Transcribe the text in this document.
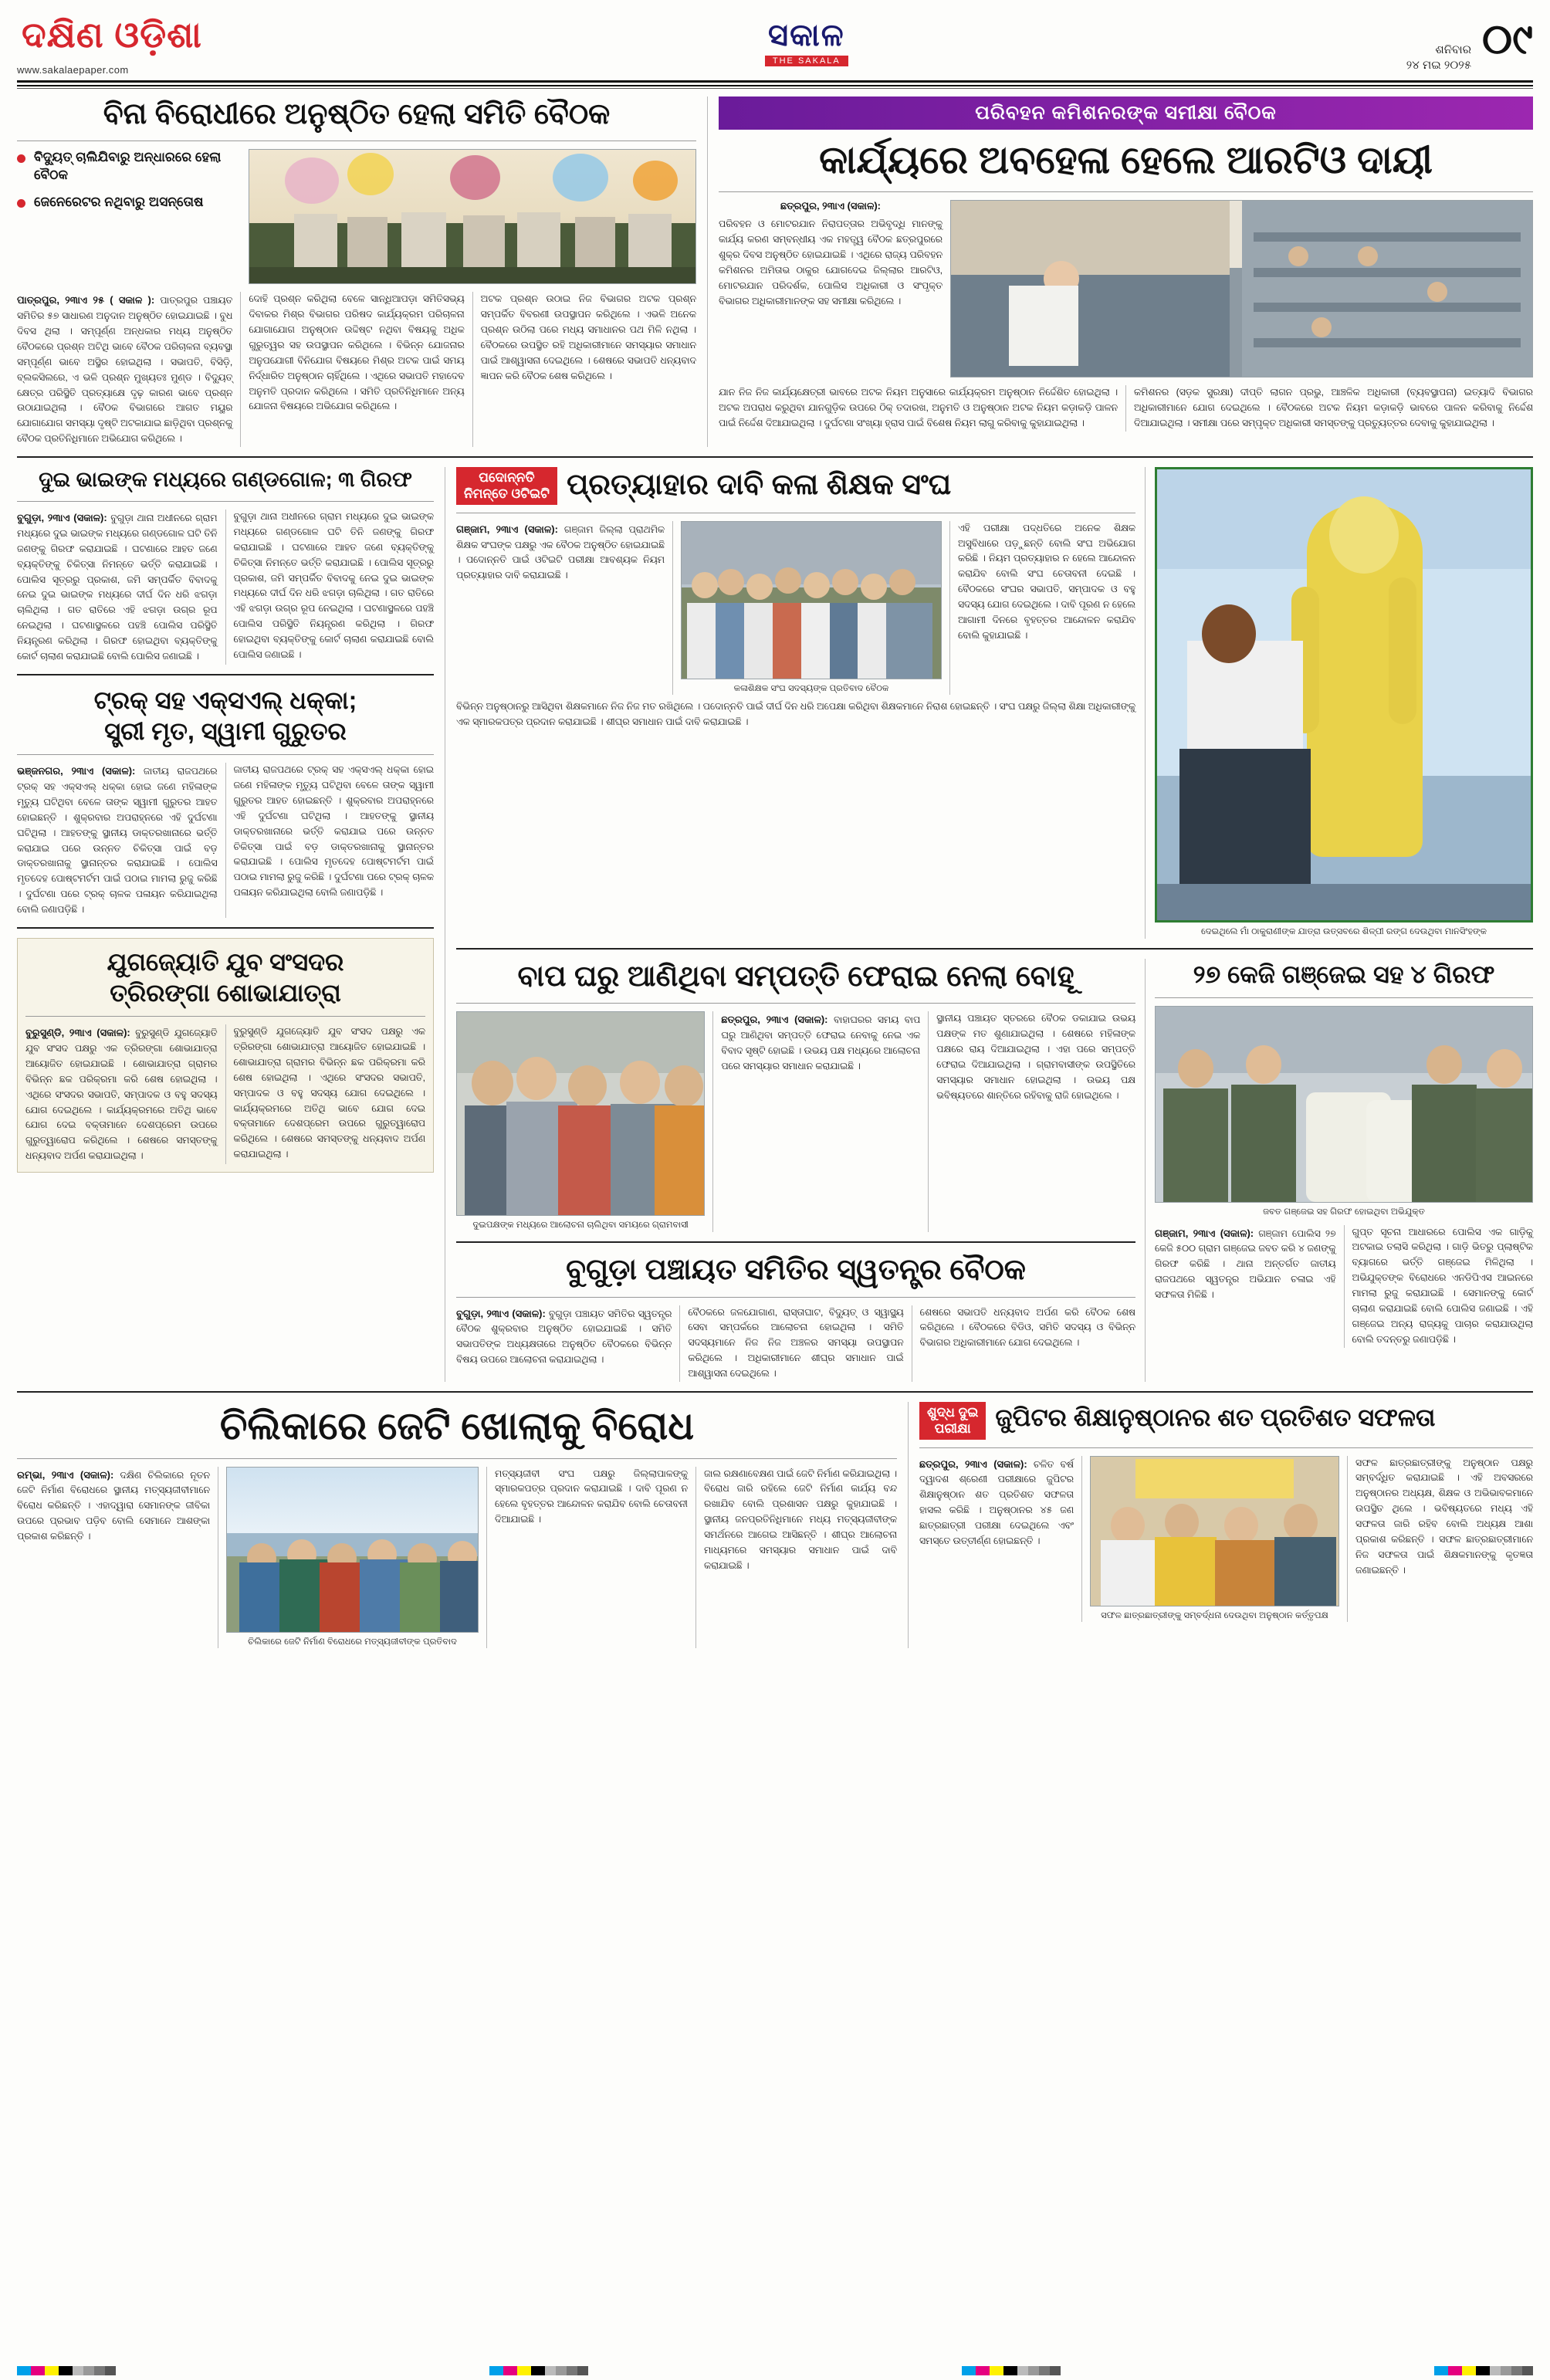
ଦକ୍ଷିଣ ଓଡ଼ିଶା
www.sakalaepaper.com
ସକାଳ
THE SAKALA
ଶନିବାର
୨୪ ମଇ ୨୦୨୫
୦୯
ବିନା ବିରୋଧୀରେ ଅନୁଷ୍ଠିତ ହେଲା ସମିତି ବୈଠକ
ବିଦ୍ୟୁତ୍ ଚାଲିଯିବାରୁ ଅନ୍ଧାରରେ ହେଲା ବୈଠକ
ଜେନେରେଟର ନଥିବାରୁ ଅସନ୍ତୋଷ
ପାତ୍ରପୁର, ୨୩ାଏ ୨୫ ( ସକାଳ ): ପାତ୍ରପୁର ପଞ୍ଚାୟତ ସମିତିର ୫୭ ସାଧାରଣ ଅନୁଦାନ ଅନୁଷ୍ଠିତ ହୋଇଯାଇଛି । ବୁଧ ଦିବସ ଥିଲା । ସମ୍ପୂର୍ଣ୍ଣ ଅନ୍ଧକାର ମଧ୍ୟ ଅନୁଷ୍ଠିତ ବୈଠକରେ ପ୍ରଶ୍ନ ଅଟିଥି ଭାବେ ବୈଠକ ପରିଚାଳନା ବ୍ୟବସ୍ଥା ସମ୍ପୂର୍ଣ୍ଣ ଭାବେ ଅସ୍ଥିର ହୋଇଥିଲା । ସଭାପତି, ବିସିଡ଼ି, ବ୍ଲକସିଲରେ, ଏ ଭଳି ପ୍ରଶ୍ନ ମୁଖ୍ୟତଃ ମୁଣ୍ଡ । ବିଦ୍ୟୁତ୍ କ୍ଷେତ୍ର ପରିସ୍ଥିତି ପ୍ରତ୍ୟାକ୍ଷେ ଦୃଢ଼ କାରଣ ଭାବେ ପ୍ରଶ୍ନ ଉଠାଯାଇଥିଲା । ବୈଠକ ବିଭାଗରେ ଆଗତ ମୟୁର ଯୋଗାଯୋଗ ସମସ୍ୟା ଦୃଷ୍ଟି ଅଟକାଯାଇ ଛାଡ଼ିଥିବା ପ୍ରଶ୍ନକୁ ବୈଠକ ପ୍ରତିନିଧିମାନେ ଅଭିଯୋଗ କରିଥିଲେ ।
ଦୋହି ପ୍ରଶ୍ନ କରିଥିଲା ବେଳେ ସାନ୍ଧିଆପଡ଼ା ସମିତିସଭ୍ୟ ଦିବାକର ମିଶ୍ର ବିଭାଗର ପରିଷଦ କାର୍ଯ୍ୟକ୍ରମ ପରିଚାଳନା ଯୋଗାଯୋଗ ଅନୁଷ୍ଠାନ ଉଦ୍ଦିଷ୍ଟ ନଥିବା ବିଷୟକୁ ଅଧିକ ଗୁରୁତ୍ୱର ସହ ଉପସ୍ଥାପନ କରିଥିଲେ । ବିଭିନ୍ନ ଯୋଜନାର ଅନୁପଯୋଗୀ ବିନିଯୋଗ ବିଷୟରେ ମିଶ୍ର ଅଟକ ପାଇଁ ସମୟ ନିର୍ଦ୍ଧାରିତ ଅନୁଷ୍ଠାନ ଚାହିଁଥିଲେ । ଏଥିରେ ସଭାପତି ମହାଦେବ ଅନୁମତି ପ୍ରଦାନ କରିଥିଲେ । ସମିତି ପ୍ରତିନିଧିମାନେ ଅନ୍ୟ ଯୋଜନା ବିଷୟରେ ଅଭିଯୋଗ କରିଥିଲେ ।
ଅଟକ ପ୍ରଶ୍ନ ଉଠାଇ ନିଜ ବିଭାଗର ଅଟକ ପ୍ରଶ୍ନ ସମ୍ପର୍କିତ ବିବରଣୀ ଉପସ୍ଥାପନ କରିଥିଲେ । ଏଭଳି ଅନେକ ପ୍ରଶ୍ନ ଉଠିଲା ପରେ ମଧ୍ୟ ସମାଧାନର ପଥ ମିଳି ନଥିଲା । ବୈଠକରେ ଉପସ୍ଥିତ ରହି ଅଧିକାରୀମାନେ ସମସ୍ୟାର ସମାଧାନ ପାଇଁ ଆଶ୍ୱାସନା ଦେଇଥିଲେ । ଶେଷରେ ସଭାପତି ଧନ୍ୟବାଦ ଜ୍ଞାପନ କରି ବୈଠକ ଶେଷ କରିଥିଲେ ।
ପରିବହନ କମିଶନରଙ୍କ ସମୀକ୍ଷା ବୈଠକ
କାର୍ଯ୍ୟରେ ଅବହେଳା ହେଲେ ଆରଟିଓ ଦାୟୀ
ଛତ୍ରପୁର, ୨୩ାଏ (ସକାଳ):
ପରିବହନ ଓ ମୋଟରଯାନ ନିରାପତ୍ତାର ଅଭିବୃଦ୍ଧି ମାନଙ୍କୁ କାର୍ଯ୍ୟ କରଣ ସମ୍ବନ୍ଧୀୟ ଏକ ମହତ୍ତ୍ୱ ବୈଠକ ଛତ୍ରପୁରରେ ଶୁକ୍ର ଦିବସ ଅନୁଷ୍ଠିତ ହୋଇଯାଇଛି । ଏଥିରେ ରାଜ୍ୟ ପରିବହନ କମିଶନର ଅମିତାଭ ଠାକୁର ଯୋଗଦେଇ ଜିଲ୍ଲାର ଆରଟିଓ, ମୋଟରଯାନ ପରିଦର୍ଶକ, ପୋଲିସ ଅଧିକାରୀ ଓ ସଂପୃକ୍ତ ବିଭାଗର ଅଧିକାରୀମାନଙ୍କ ସହ ସମୀକ୍ଷା କରିଥିଲେ ।
ଯାନ ନିଜ ନିଜ କାର୍ଯ୍ୟକ୍ଷେତ୍ରୀ ଭାବରେ ଅଟକ ନିୟମ ଅନୁସାରେ କାର୍ଯ୍ୟକ୍ରମ ଅନୁଷ୍ଠାନ ନିର୍ଦ୍ଦେଶିତ ହୋଇଥିଲା । ଅଟକ ଅପରାଧ କରୁଥିବା ଯାନଗୁଡ଼ିକ ଉପରେ ଠିକ୍ ତଦାରଖ, ଅନୁମତି ଓ ଅନୁଷ୍ଠାନ ଅଟକ ନିୟମ କଡ଼ାକଡ଼ି ପାଳନ ପାଇଁ ନିର୍ଦ୍ଦେଶ ଦିଆଯାଇଥିଲା । ଦୁର୍ଘଟଣା ସଂଖ୍ୟା ହ୍ରାସ ପାଇଁ ବିଶେଷ ନିୟମ ଲାଗୁ କରିବାକୁ କୁହାଯାଇଥିଲା ।
କମିଶନର (ସଡ଼କ ସୁରକ୍ଷା) ଦୀପ୍ତି ଲାଗନ ପ୍ରଭୁ, ଆଞ୍ଚଳିକ ଅଧିକାରୀ (ବ୍ୟବସ୍ଥାପନା) ଇତ୍ୟାଦି ବିଭାଗର ଅଧିକାରୀମାନେ ଯୋଗ ଦେଇଥିଲେ । ବୈଠକରେ ଅଟକ ନିୟମ କଡ଼ାକଡ଼ି ଭାବରେ ପାଳନ କରିବାକୁ ନିର୍ଦ୍ଦେଶ ଦିଆଯାଇଥିଲା । ସମୀକ୍ଷା ପରେ ସମ୍ପୃକ୍ତ ଅଧିକାରୀ ସମସ୍ତଙ୍କୁ ପ୍ରତ୍ୟୁତ୍ତର ଦେବାକୁ କୁହାଯାଇଥିଲା ।
ଦୁଇ ଭାଇଙ୍କ ମଧ୍ୟରେ ଗଣ୍ଡଗୋଳ; ୩ ଗିରଫ
ବୁଗୁଡ଼ା, ୨୩ାଏ (ସକାଳ): ବୁଗୁଡ଼ା ଥାନା ଅଧୀନରେ ଗ୍ରାମ ମଧ୍ୟରେ ଦୁଇ ଭାଇଙ୍କ ମଧ୍ୟରେ ଗଣ୍ଡଗୋଳ ଘଟି ତିନି ଜଣଙ୍କୁ ଗିରଫ କରାଯାଇଛି । ଘଟଣାରେ ଆହତ ଜଣେ ବ୍ୟକ୍ତିଙ୍କୁ ଚିକିତ୍ସା ନିମନ୍ତେ ଭର୍ତ୍ତି କରାଯାଇଛି । ପୋଲିସ ସୂତ୍ରରୁ ପ୍ରକାଶ, ଜମି ସମ୍ପର୍କିତ ବିବାଦକୁ ନେଇ ଦୁଇ ଭାଇଙ୍କ ମଧ୍ୟରେ ଦୀର୍ଘ ଦିନ ଧରି ଝଗଡ଼ା ଚାଲିଥିଲା । ଗତ ରାତିରେ ଏହି ଝଗଡ଼ା ଉଗ୍ର ରୂପ ନେଇଥିଲା । ଘଟଣାସ୍ଥଳରେ ପହଞ୍ଚି ପୋଲିସ ପରିସ୍ଥିତି ନିୟନ୍ତ୍ରଣ କରିଥିଲା । ଗିରଫ ହୋଇଥିବା ବ୍ୟକ୍ତିଙ୍କୁ କୋର୍ଟ ଚାଲାଣ କରାଯାଇଛି ବୋଲି ପୋଲିସ ଜଣାଇଛି ।
ବୁଗୁଡ଼ା ଥାନା ଅଧୀନରେ ଗ୍ରାମ ମଧ୍ୟରେ ଦୁଇ ଭାଇଙ୍କ ମଧ୍ୟରେ ଗଣ୍ଡଗୋଳ ଘଟି ତିନି ଜଣଙ୍କୁ ଗିରଫ କରାଯାଇଛି । ଘଟଣାରେ ଆହତ ଜଣେ ବ୍ୟକ୍ତିଙ୍କୁ ଚିକିତ୍ସା ନିମନ୍ତେ ଭର୍ତ୍ତି କରାଯାଇଛି । ପୋଲିସ ସୂତ୍ରରୁ ପ୍ରକାଶ, ଜମି ସମ୍ପର୍କିତ ବିବାଦକୁ ନେଇ ଦୁଇ ଭାଇଙ୍କ ମଧ୍ୟରେ ଦୀର୍ଘ ଦିନ ଧରି ଝଗଡ଼ା ଚାଲିଥିଲା । ଗତ ରାତିରେ ଏହି ଝଗଡ଼ା ଉଗ୍ର ରୂପ ନେଇଥିଲା । ଘଟଣାସ୍ଥଳରେ ପହଞ୍ଚି ପୋଲିସ ପରିସ୍ଥିତି ନିୟନ୍ତ୍ରଣ କରିଥିଲା । ଗିରଫ ହୋଇଥିବା ବ୍ୟକ୍ତିଙ୍କୁ କୋର୍ଟ ଚାଲାଣ କରାଯାଇଛି ବୋଲି ପୋଲିସ ଜଣାଇଛି ।
ଟ୍ରକ୍ ସହ ଏକ୍ସଏଲ୍ ଧକ୍କା;
ସ୍ତ୍ରୀ ମୃତ, ସ୍ୱାମୀ ଗୁରୁତର
ଭଞ୍ଜନଗର, ୨୩ାଏ (ସକାଳ): ଜାତୀୟ ରାଜପଥରେ ଟ୍ରକ୍ ସହ ଏକ୍ସଏଲ୍ ଧକ୍କା ହୋଇ ଜଣେ ମହିଳାଙ୍କ ମୃତ୍ୟୁ ଘଟିଥିବା ବେଳେ ତାଙ୍କ ସ୍ୱାମୀ ଗୁରୁତର ଆହତ ହୋଇଛନ୍ତି । ଶୁକ୍ରବାର ଅପରାହ୍ନରେ ଏହି ଦୁର୍ଘଟଣା ଘଟିଥିଲା । ଆହତଙ୍କୁ ସ୍ଥାନୀୟ ଡାକ୍ତରଖାନାରେ ଭର୍ତ୍ତି କରାଯାଇ ପରେ ଉନ୍ନତ ଚିକିତ୍ସା ପାଇଁ ବଡ଼ ଡାକ୍ତରଖାନାକୁ ସ୍ଥାନାନ୍ତର କରାଯାଇଛି । ପୋଲିସ ମୃତଦେହ ପୋଷ୍ଟମର୍ଟମ ପାଇଁ ପଠାଇ ମାମଲା ରୁଜୁ କରିଛି । ଦୁର୍ଘଟଣା ପରେ ଟ୍ରକ୍ ଚାଳକ ପଳାୟନ କରିଯାଇଥିଲା ବୋଲି ଜଣାପଡ଼ିଛି ।
ଜାତୀୟ ରାଜପଥରେ ଟ୍ରକ୍ ସହ ଏକ୍ସଏଲ୍ ଧକ୍କା ହୋଇ ଜଣେ ମହିଳାଙ୍କ ମୃତ୍ୟୁ ଘଟିଥିବା ବେଳେ ତାଙ୍କ ସ୍ୱାମୀ ଗୁରୁତର ଆହତ ହୋଇଛନ୍ତି । ଶୁକ୍ରବାର ଅପରାହ୍ନରେ ଏହି ଦୁର୍ଘଟଣା ଘଟିଥିଲା । ଆହତଙ୍କୁ ସ୍ଥାନୀୟ ଡାକ୍ତରଖାନାରେ ଭର୍ତ୍ତି କରାଯାଇ ପରେ ଉନ୍ନତ ଚିକିତ୍ସା ପାଇଁ ବଡ଼ ଡାକ୍ତରଖାନାକୁ ସ୍ଥାନାନ୍ତର କରାଯାଇଛି । ପୋଲିସ ମୃତଦେହ ପୋଷ୍ଟମର୍ଟମ ପାଇଁ ପଠାଇ ମାମଲା ରୁଜୁ କରିଛି । ଦୁର୍ଘଟଣା ପରେ ଟ୍ରକ୍ ଚାଳକ ପଳାୟନ କରିଯାଇଥିଲା ବୋଲି ଜଣାପଡ଼ିଛି ।
ଯୁଗଜ୍ୟୋତି ଯୁବ ସଂସଦର
ତ୍ରିରଙ୍ଗା ଶୋଭାଯାତ୍ରା
ବୁରୁସୁଣ୍ଡି, ୨୩ାଏ (ସକାଳ): ବୁରୁସୁଣ୍ଡି ଯୁଗଜ୍ୟୋତି ଯୁବ ସଂସଦ ପକ୍ଷରୁ ଏକ ତ୍ରିରଙ୍ଗା ଶୋଭାଯାତ୍ରା ଆୟୋଜିତ ହୋଇଯାଇଛି । ଶୋଭାଯାତ୍ରା ଗ୍ରାମର ବିଭିନ୍ନ ଛକ ପରିକ୍ରମା କରି ଶେଷ ହୋଇଥିଲା । ଏଥିରେ ସଂସଦର ସଭାପତି, ସମ୍ପାଦକ ଓ ବହୁ ସଦସ୍ୟ ଯୋଗ ଦେଇଥିଲେ । କାର୍ଯ୍ୟକ୍ରମରେ ଅତିଥି ଭାବେ ଯୋଗ ଦେଇ ବକ୍ତାମାନେ ଦେଶପ୍ରେମ ଉପରେ ଗୁରୁତ୍ୱାରୋପ କରିଥିଲେ । ଶେଷରେ ସମସ୍ତଙ୍କୁ ଧନ୍ୟବାଦ ଅର୍ପଣ କରାଯାଇଥିଲା ।
ବୁରୁସୁଣ୍ଡି ଯୁଗଜ୍ୟୋତି ଯୁବ ସଂସଦ ପକ୍ଷରୁ ଏକ ତ୍ରିରଙ୍ଗା ଶୋଭାଯାତ୍ରା ଆୟୋଜିତ ହୋଇଯାଇଛି । ଶୋଭାଯାତ୍ରା ଗ୍ରାମର ବିଭିନ୍ନ ଛକ ପରିକ୍ରମା କରି ଶେଷ ହୋଇଥିଲା । ଏଥିରେ ସଂସଦର ସଭାପତି, ସମ୍ପାଦକ ଓ ବହୁ ସଦସ୍ୟ ଯୋଗ ଦେଇଥିଲେ । କାର୍ଯ୍ୟକ୍ରମରେ ଅତିଥି ଭାବେ ଯୋଗ ଦେଇ ବକ୍ତାମାନେ ଦେଶପ୍ରେମ ଉପରେ ଗୁରୁତ୍ୱାରୋପ କରିଥିଲେ । ଶେଷରେ ସମସ୍ତଙ୍କୁ ଧନ୍ୟବାଦ ଅର୍ପଣ କରାଯାଇଥିଲା ।
ପଦୋନ୍ନତି
ନିମନ୍ତେ ଓଟିଇଟି ପ୍ରତ୍ୟାହାର ଦାବି କଳା ଶିକ୍ଷକ ସଂଘ
ଗଞ୍ଜାମ, ୨୩ାଏ (ସକାଳ): ଗଞ୍ଜାମ ଜିଲ୍ଲା ପ୍ରାଥମିକ ଶିକ୍ଷକ ସଂଘଙ୍କ ପକ୍ଷରୁ ଏକ ବୈଠକ ଅନୁଷ୍ଠିତ ହୋଇଯାଇଛି । ପଦୋନ୍ନତି ପାଇଁ ଓଟିଇଟି ପରୀକ୍ଷା ଆବଶ୍ୟକ ନିୟମ ପ୍ରତ୍ୟାହାର ଦାବି କରାଯାଇଛି ।
କଳାଶିକ୍ଷକ ସଂଘ ସଦସ୍ୟଙ୍କ ପ୍ରତିବାଦ ବୈଠକ
ଏହି ପରୀକ୍ଷା ପଦ୍ଧତିରେ ଅନେକ ଶିକ୍ଷକ ଅସୁବିଧାରେ ପଡ଼ୁଛନ୍ତି ବୋଲି ସଂଘ ଅଭିଯୋଗ କରିଛି । ନିୟମ ପ୍ରତ୍ୟାହାର ନ ହେଲେ ଆନ୍ଦୋଳନ କରାଯିବ ବୋଲି ସଂଘ ଚେତାବନୀ ଦେଇଛି । ବୈଠକରେ ସଂଘର ସଭାପତି, ସମ୍ପାଦକ ଓ ବହୁ ସଦସ୍ୟ ଯୋଗ ଦେଇଥିଲେ । ଦାବି ପୂରଣ ନ ହେଲେ ଆଗାମୀ ଦିନରେ ବୃହତ୍ତର ଆନ୍ଦୋଳନ କରାଯିବ ବୋଲି କୁହାଯାଇଛି ।
ବିଭିନ୍ନ ଅନୁଷ୍ଠାନରୁ ଆସିଥିବା ଶିକ୍ଷକମାନେ ନିଜ ନିଜ ମତ ରଖିଥିଲେ । ପଦୋନ୍ନତି ପାଇଁ ଦୀର୍ଘ ଦିନ ଧରି ଅପେକ୍ଷା କରିଥିବା ଶିକ୍ଷକମାନେ ନିରାଶ ହୋଇଛନ୍ତି । ସଂଘ ପକ୍ଷରୁ ଜିଲ୍ଲା ଶିକ୍ଷା ଅଧିକାରୀଙ୍କୁ ଏକ ସ୍ମାରକପତ୍ର ପ୍ରଦାନ କରାଯାଇଛି । ଶୀଘ୍ର ସମାଧାନ ପାଇଁ ଦାବି କରାଯାଇଛି ।
ଦେଇଥିଲେ ମାଁ ଠାକୁରାଣୀଙ୍କ ଯାତ୍ରା ଉତ୍ସବରେ ଶିଳ୍ପୀ ରଙ୍ଗ ଦେଉଥିବା ମାନସିଂହଙ୍କ
ବାପ ଘରୁ ଆଣିଥିବା ସମ୍ପତ୍ତି ଫେରାଇ ନେଲା ବୋହୂ
ଦୁଇପକ୍ଷଙ୍କ ମଧ୍ୟରେ ଆଲୋଚନା ଚାଲିଥିବା ସମୟରେ ଗ୍ରାମବାସୀ
ଛତ୍ରପୁର, ୨୩ାଏ (ସକାଳ): ବାହାଘରର ସମୟ ବାପ ଘରୁ ଆଣିଥିବା ସମ୍ପତ୍ତି ଫେରାଇ ନେବାକୁ ନେଇ ଏକ ବିବାଦ ସୃଷ୍ଟି ହୋଇଛି । ଉଭୟ ପକ୍ଷ ମଧ୍ୟରେ ଆଲୋଚନା ପରେ ସମସ୍ୟାର ସମାଧାନ କରାଯାଇଛି ।
ସ୍ଥାନୀୟ ପଞ୍ଚାୟତ ସ୍ତରରେ ବୈଠକ ଡକାଯାଇ ଉଭୟ ପକ୍ଷଙ୍କ ମତ ଶୁଣାଯାଇଥିଲା । ଶେଷରେ ମହିଳାଙ୍କ ପକ୍ଷରେ ରାୟ ଦିଆଯାଇଥିଲା । ଏହା ପରେ ସମ୍ପତ୍ତି ଫେରାଇ ଦିଆଯାଇଥିଲା । ଗ୍ରାମବାସୀଙ୍କ ଉପସ୍ଥିତିରେ ସମସ୍ୟାର ସମାଧାନ ହୋଇଥିଲା । ଉଭୟ ପକ୍ଷ ଭବିଷ୍ୟତରେ ଶାନ୍ତିରେ ରହିବାକୁ ରାଜି ହୋଇଥିଲେ ।
ବୁଗୁଡ଼ା ପଞ୍ଚାୟତ ସମିତିର ସ୍ୱତନ୍ତ୍ର ବୈଠକ
ବୁଗୁଡ଼ା, ୨୩ାଏ (ସକାଳ): ବୁଗୁଡ଼ା ପଞ୍ଚାୟତ ସମିତିର ସ୍ୱତନ୍ତ୍ର ବୈଠକ ଶୁକ୍ରବାର ଅନୁଷ୍ଠିତ ହୋଇଯାଇଛି । ସମିତି ସଭାପତିଙ୍କ ଅଧ୍ୟକ୍ଷତାରେ ଅନୁଷ୍ଠିତ ବୈଠକରେ ବିଭିନ୍ନ ବିଷୟ ଉପରେ ଆଲୋଚନା କରାଯାଇଥିଲା ।
ବୈଠକରେ ଜଳଯୋଗାଣ, ରାସ୍ତାଘାଟ, ବିଦ୍ୟୁତ୍ ଓ ସ୍ୱାସ୍ଥ୍ୟ ସେବା ସମ୍ପର୍କରେ ଆଲୋଚନା ହୋଇଥିଲା । ସମିତି ସଦସ୍ୟମାନେ ନିଜ ନିଜ ଅଞ୍ଚଳର ସମସ୍ୟା ଉପସ୍ଥାପନ କରିଥିଲେ । ଅଧିକାରୀମାନେ ଶୀଘ୍ର ସମାଧାନ ପାଇଁ ଆଶ୍ୱାସନା ଦେଇଥିଲେ ।
ଶେଷରେ ସଭାପତି ଧନ୍ୟବାଦ ଅର୍ପଣ କରି ବୈଠକ ଶେଷ କରିଥିଲେ । ବୈଠକରେ ବିଡିଓ, ସମିତି ସଦସ୍ୟ ଓ ବିଭିନ୍ନ ବିଭାଗର ଅଧିକାରୀମାନେ ଯୋଗ ଦେଇଥିଲେ ।
୨୭ କେଜି ଗଞ୍ଜେଇ ସହ ୪ ଗିରଫ
ଜବତ ଗଞ୍ଜେଇ ସହ ଗିରଫ ହୋଇଥିବା ଅଭିଯୁକ୍ତ
ଗଞ୍ଜାମ, ୨୩ାଏ (ସକାଳ): ଗଞ୍ଜାମ ପୋଲିସ ୨୭ କେଜି ୫୦୦ ଗ୍ରାମ ଗଞ୍ଜେଇ ଜବତ କରି ୪ ଜଣଙ୍କୁ ଗିରଫ କରିଛି । ଥାନା ଅନ୍ତର୍ଗତ ଜାତୀୟ ରାଜପଥରେ ସ୍ୱତନ୍ତ୍ର ଅଭିଯାନ ଚଳାଇ ଏହି ସଫଳତା ମିଳିଛି ।
ଗୁପ୍ତ ସୂଚନା ଆଧାରରେ ପୋଲିସ ଏକ ଗାଡ଼ିକୁ ଅଟକାଇ ତଲାସି କରିଥିଲା । ଗାଡ଼ି ଭିତରୁ ପ୍ଲାଷ୍ଟିକ ବ୍ୟାଗରେ ଭର୍ତ୍ତି ଗଞ୍ଜେଇ ମିଳିଥିଲା । ଅଭିଯୁକ୍ତଙ୍କ ବିରୋଧରେ ଏନଡିପିଏସ ଆଇନରେ ମାମଲା ରୁଜୁ କରାଯାଇଛି । ସେମାନଙ୍କୁ କୋର୍ଟ ଚାଲାଣ କରାଯାଇଛି ବୋଲି ପୋଲିସ ଜଣାଇଛି । ଏହି ଗଞ୍ଜେଇ ଅନ୍ୟ ରାଜ୍ୟକୁ ପାଚାର କରାଯାଉଥିଲା ବୋଲି ତଦନ୍ତରୁ ଜଣାପଡ଼ିଛି ।
ଚିଲିକାରେ ଜେଟି ଖୋଲାକୁ ବିରୋଧ
ରମ୍ଭା, ୨୩ାଏ (ସକାଳ): ଦକ୍ଷିଣ ଚିଲିକାରେ ନୂତନ ଜେଟି ନିର୍ମାଣ ବିରୋଧରେ ସ୍ଥାନୀୟ ମତ୍ସ୍ୟଜୀବୀମାନେ ବିରୋଧ କରିଛନ୍ତି । ଏହାଦ୍ୱାରା ସେମାନଙ୍କ ଜୀବିକା ଉପରେ ପ୍ରଭାବ ପଡ଼ିବ ବୋଲି ସେମାନେ ଆଶଙ୍କା ପ୍ରକାଶ କରିଛନ୍ତି ।
ଚିଲିକାରେ ଜେଟି ନିର୍ମାଣ ବିରୋଧରେ ମତ୍ସ୍ୟଜୀବୀଙ୍କ ପ୍ରତିବାଦ
ମତ୍ସ୍ୟଜୀବୀ ସଂଘ ପକ୍ଷରୁ ଜିଲ୍ଲାପାଳଙ୍କୁ ସ୍ମାରକପତ୍ର ପ୍ରଦାନ କରାଯାଇଛି । ଦାବି ପୂରଣ ନ ହେଲେ ବୃହତ୍ତର ଆନ୍ଦୋଳନ କରାଯିବ ବୋଲି ଚେତାବନୀ ଦିଆଯାଇଛି ।
ଜାଲ ରକ୍ଷଣାବେକ୍ଷଣ ପାଇଁ ଜେଟି ନିର୍ମାଣ କରିଯାଇଥିଲା । ବିରୋଧ ଜାରି ରହିଲେ ଜେଟି ନିର୍ମାଣ କାର୍ଯ୍ୟ ବନ୍ଦ ରଖାଯିବ ବୋଲି ପ୍ରଶାସନ ପକ୍ଷରୁ କୁହାଯାଇଛି । ସ୍ଥାନୀୟ ଜନପ୍ରତିନିଧିମାନେ ମଧ୍ୟ ମତ୍ସ୍ୟଜୀବୀଙ୍କ ସମର୍ଥନରେ ଆଗେଇ ଆସିଛନ୍ତି । ଶୀଘ୍ର ଆଲୋଚନା ମାଧ୍ୟମରେ ସମସ୍ୟାର ସମାଧାନ ପାଇଁ ଦାବି କରାଯାଇଛି ।
ଶୁଦ୍ଧ ଦୁଇ
ପରୀକ୍ଷା ଜୁପିଟର ଶିକ୍ଷାନୁଷ୍ଠାନର ଶତ ପ୍ରତିଶତ ସଫଳତା
ଛତ୍ରପୁର, ୨୩ାଏ (ସକାଳ): ଚଳିତ ବର୍ଷ ଦ୍ୱାଦଶ ଶ୍ରେଣୀ ପରୀକ୍ଷାରେ ଜୁପିଟର ଶିକ୍ଷାନୁଷ୍ଠାନ ଶତ ପ୍ରତିଶତ ସଫଳତା ହାସଲ କରିଛି । ଅନୁଷ୍ଠାନର ୪୫ ଜଣ ଛାତ୍ରଛାତ୍ରୀ ପରୀକ୍ଷା ଦେଇଥିଲେ ଏବଂ ସମସ୍ତେ ଉତ୍ତୀର୍ଣ୍ଣ ହୋଇଛନ୍ତି ।
ସଫଳ ଛାତ୍ରଛାତ୍ରୀଙ୍କୁ ସମ୍ବର୍ଦ୍ଧନା ଦେଉଥିବା ଅନୁଷ୍ଠାନ କର୍ତ୍ତୃପକ୍ଷ
ସଫଳ ଛାତ୍ରଛାତ୍ରୀଙ୍କୁ ଅନୁଷ୍ଠାନ ପକ୍ଷରୁ ସମ୍ବର୍ଦ୍ଧିତ କରାଯାଇଛି । ଏହି ଅବସରରେ ଅନୁଷ୍ଠାନର ଅଧ୍ୟକ୍ଷ, ଶିକ୍ଷକ ଓ ଅଭିଭାବକମାନେ ଉପସ୍ଥିତ ଥିଲେ । ଭବିଷ୍ୟତରେ ମଧ୍ୟ ଏହି ସଫଳତା ଜାରି ରହିବ ବୋଲି ଅଧ୍ୟକ୍ଷ ଆଶା ପ୍ରକାଶ କରିଛନ୍ତି । ସଫଳ ଛାତ୍ରଛାତ୍ରୀମାନେ ନିଜ ସଫଳତା ପାଇଁ ଶିକ୍ଷକମାନଙ୍କୁ କୃତଜ୍ଞତା ଜଣାଇଛନ୍ତି ।
